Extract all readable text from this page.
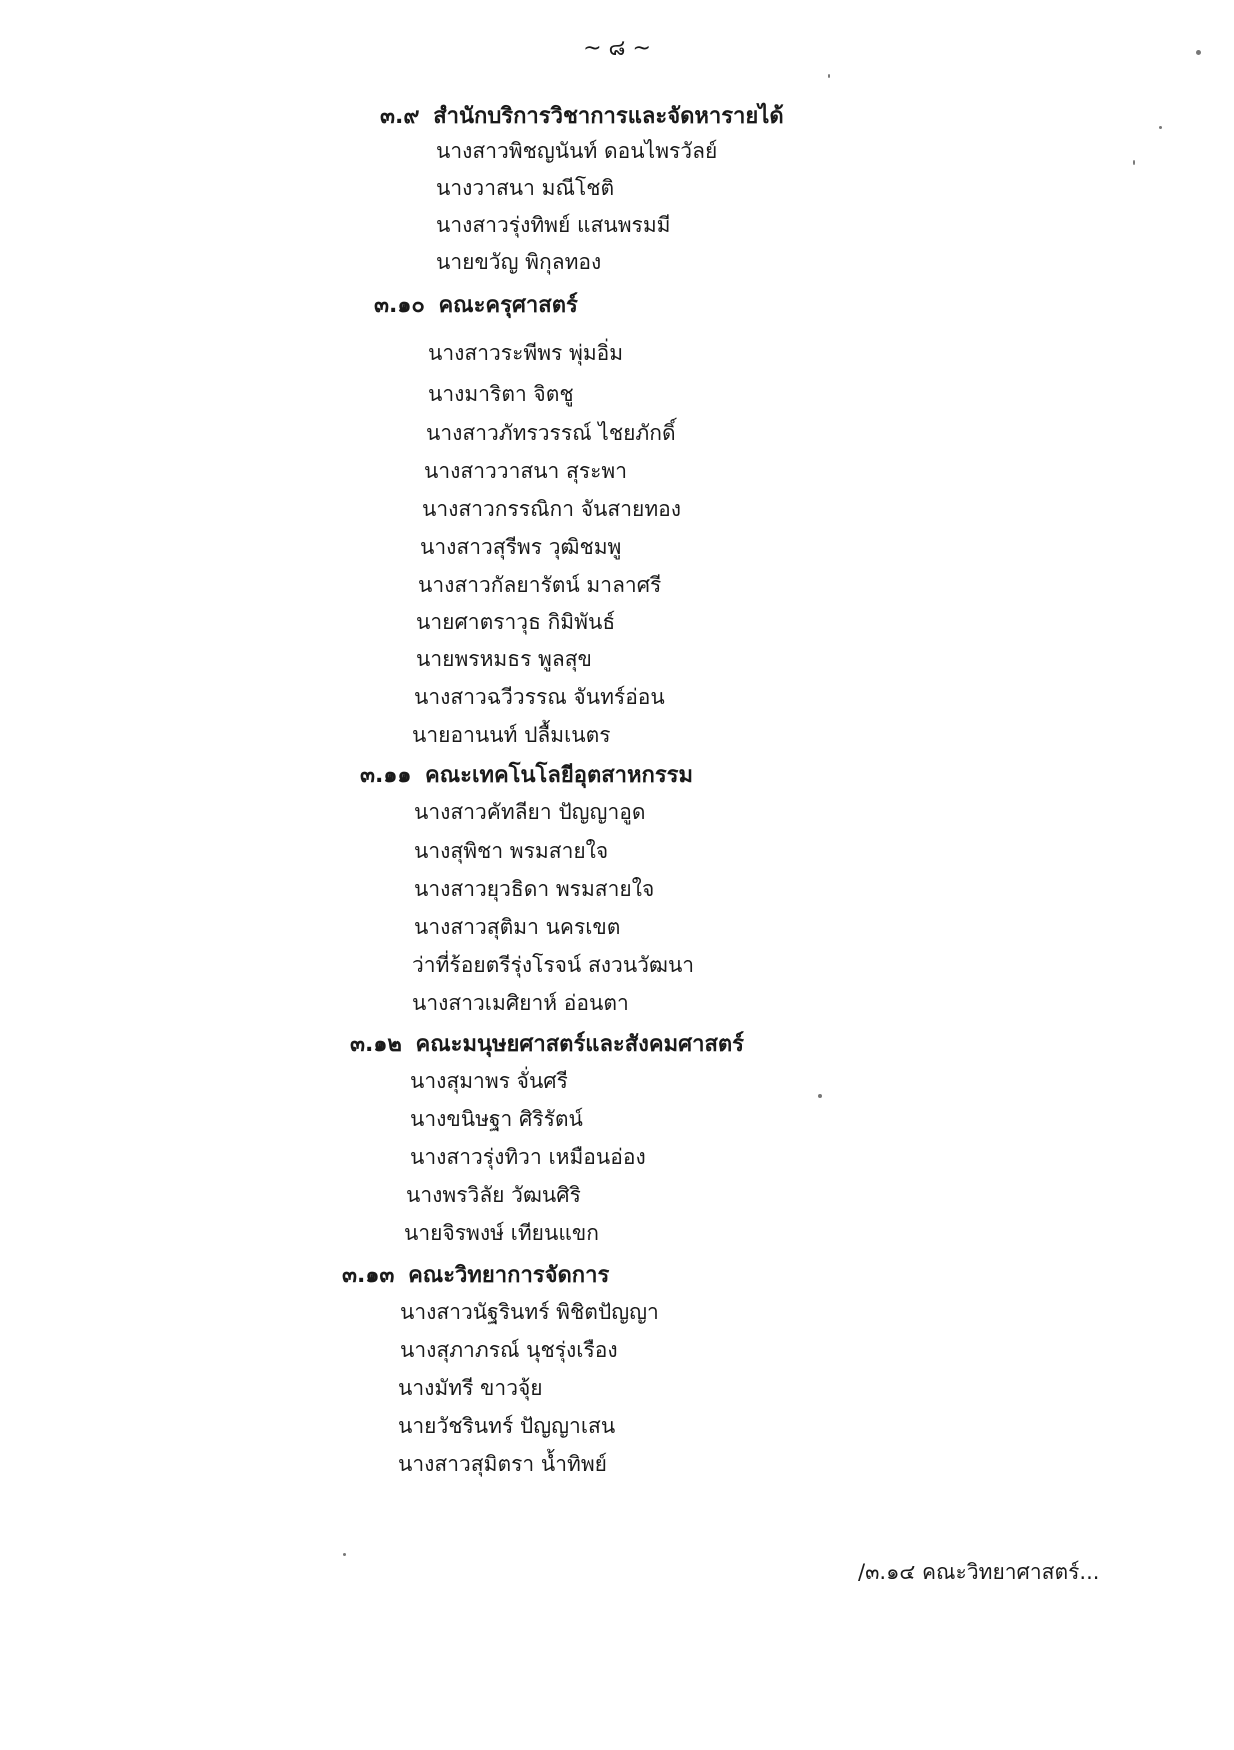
~ ๘ ~
๓.๙ สำนักบริการวิชาการและจัดหารายได้
นางสาวพิชญนันท์ ดอนไพรวัลย์
นางวาสนา มณีโชติ
นางสาวรุ่งทิพย์ แสนพรมมี
นายขวัญ พิกุลทอง
๓.๑๐ คณะครุศาสตร์
นางสาวระพีพร พุ่มอิ่ม
นางมาริตา จิตชู
นางสาวภัทรวรรณ์ ไชยภักดิ์
นางสาววาสนา สุระพา
นางสาวกรรณิกา จันสายทอง
นางสาวสุรีพร วุฒิชมพู
นางสาวกัลยารัตน์ มาลาศรี
นายศาตราวุธ กิมิพันธ์
นายพรหมธร พูลสุข
นางสาวฉวีวรรณ จันทร์อ่อน
นายอานนท์ ปลื้มเนตร
๓.๑๑ คณะเทคโนโลยีอุตสาหกรรม
นางสาวคัทลียา ปัญญาอูด
นางสุพิชา พรมสายใจ
นางสาวยุวธิดา พรมสายใจ
นางสาวสุติมา นครเขต
ว่าที่ร้อยตรีรุ่งโรจน์ สงวนวัฒนา
นางสาวเมศิยาห์ อ่อนตา
๓.๑๒ คณะมนุษยศาสตร์และสังคมศาสตร์
นางสุมาพร จั่นศรี
นางขนิษฐา ศิริรัตน์
นางสาวรุ่งทิวา เหมือนอ่อง
นางพรวิลัย วัฒนศิริ
นายจิรพงษ์ เทียนแขก
๓.๑๓ คณะวิทยาการจัดการ
นางสาวนัฐรินทร์ พิชิตปัญญา
นางสุภาภรณ์ นุชรุ่งเรือง
นางมัทรี ขาวจุ้ย
นายวัชรินทร์ ปัญญาเสน
นางสาวสุมิตรา น้ำทิพย์
/๓.๑๔ คณะวิทยาศาสตร์...
